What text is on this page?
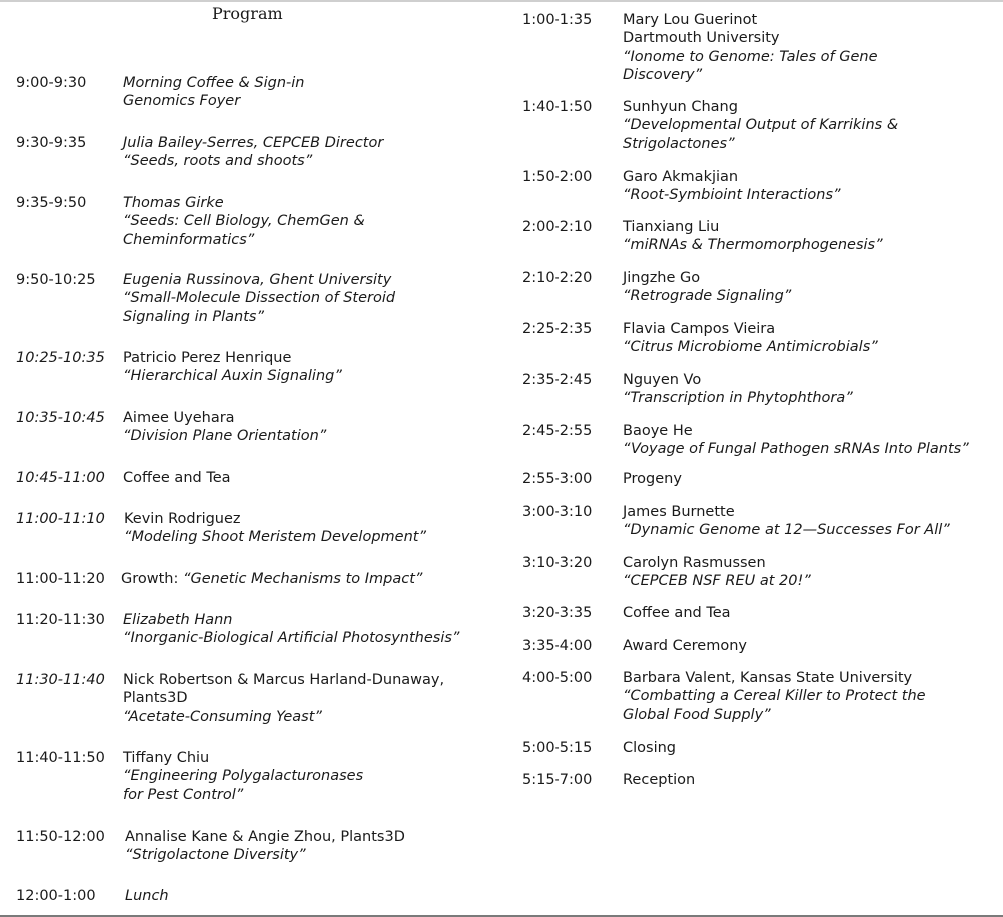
Program
9:00-9:30	Morning Coffee & Sign-in
Genomics Foyer
9:30-9:35	Julia Bailey-Serres, CEPCEB Director
“Seeds, roots and shoots”
9:35-9:50	Thomas Girke
“Seeds: Cell Biology, ChemGen &
Cheminformatics”
9:50-10:25 Eugenia Russinova, Ghent University
“Small-Molecule Dissection of Steroid
Signaling in Plants”
10:25-10:35 Patricio Perez Henrique
“Hierarchical Auxin Signaling”
10:35-10:45 Aimee Uyehara
“Division Plane Orientation”
10:45-11:00 Coffee and Tea
11:00-11:10 Kevin Rodriguez
“Modeling Shoot Meristem Development”
11:00-11:20 Growth: “Genetic Mechanisms to Impact”
11:20-11:30 Elizabeth Hann
“Inorganic-Biological Artificial Photosynthesis”
11:30-11:40 Nick Robertson & Marcus Harland-Dunaway,
Plants3D
“Acetate-Consuming Yeast”
11:40-11:50 Tiffany Chiu
“Engineering Polygalacturonases
for Pest Control”
11:50-12:00 Annalise Kane & Angie Zhou, Plants3D
“Strigolactone Diversity”
12:00-1:00 Lunch
1:00-1:35 Mary Lou Guerinot
Dartmouth University
“Ionome to Genome: Tales of Gene
Discovery”
1:40-1:50 Sunhyun Chang
“Developmental Output of Karrikins &
Strigolactones”
1:50-2:00 Garo Akmakjian
“Root-Symbioint Interactions”
2:00-2:10 Tianxiang Liu
“miRNAs & Thermomorphogenesis”
2:10-2:20 Jingzhe Go
“Retrograde Signaling”
2:25-2:35 Flavia Campos Vieira
“Citrus Microbiome Antimicrobials”
2:35-2:45 Nguyen Vo
“Transcription in Phytophthora”
2:45-2:55 Baoye He
“Voyage of Fungal Pathogen sRNAs Into Plants”
2:55-3:00 Progeny
3:00-3:10 James Burnette
“Dynamic Genome at 12—Successes For All”
3:10-3:20 Carolyn Rasmussen
“CEPCEB NSF REU at 20!”
3:20-3:35 Coffee and Tea
3:35-4:00 Award Ceremony
4:00-5:00 Barbara Valent, Kansas State University
“Combatting a Cereal Killer to Protect the
Global Food Supply”
5:00-5:15 Closing
5:15-7:00 Reception
